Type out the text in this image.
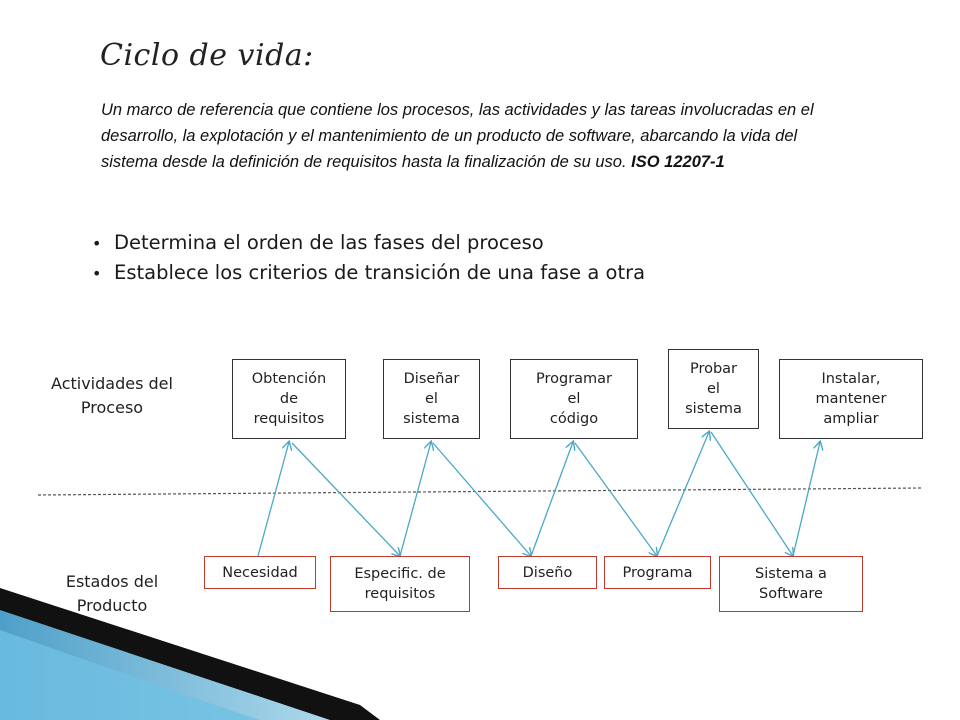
Ciclo de vida:
Un marco de referencia que contiene los procesos, las actividades y las tareas involucradas en el desarrollo, la explotación y el mantenimiento de un producto de software, abarcando la vida del sistema desde la definición de requisitos hasta la finalización de su uso. ISO 12207-1
• Determina el orden de las fases del proceso
• Establece los criterios de transición de una fase a otra
Actividades del
Proceso
Estados del
Producto
Obtención
de
requisitos
Diseñar
el
sistema
Programar
el
código
Probar
el
sistema
Instalar,
mantener
ampliar
Necesidad	Especific. de
requisitos
Diseño	Programa	Sistema a
Software
